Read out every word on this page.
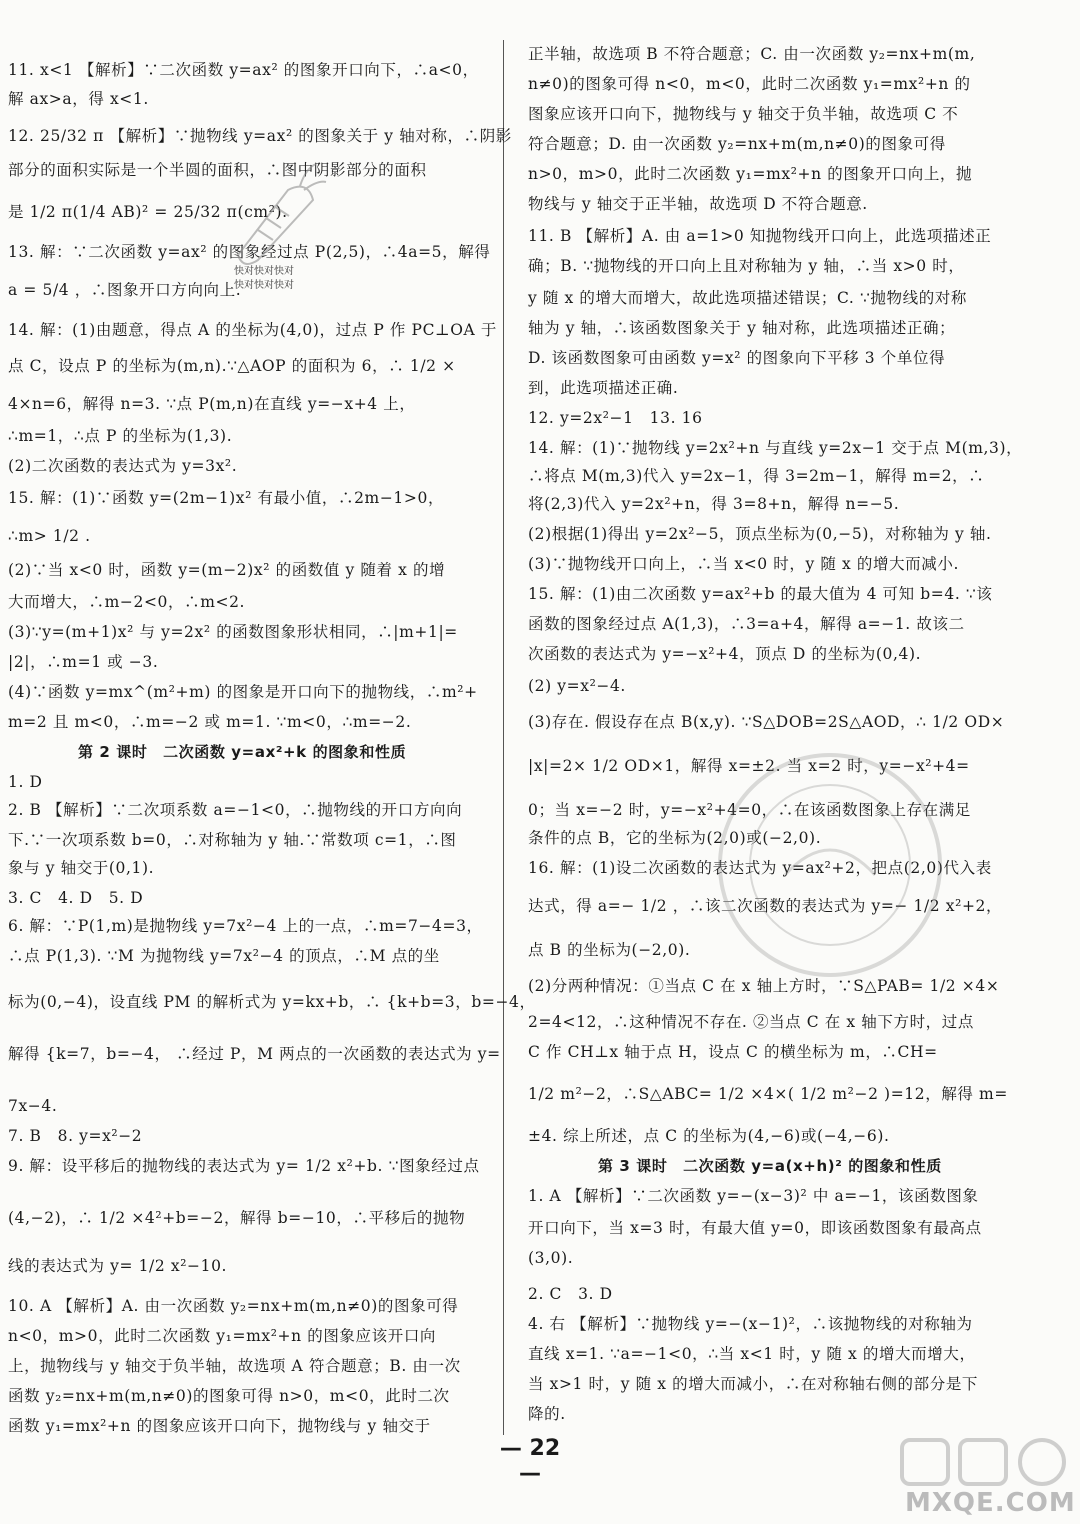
11. x<1 【解析】∵二次函数 y=ax² 的图象开口向下，∴a<0，
解 ax>a，得 x<1.
12. 25/32 π 【解析】∵抛物线 y=ax² 的图象关于 y 轴对称，∴阴影
部分的面积实际是一个半圆的面积，∴图中阴影部分的面积
是 1/2 π(1/4 AB)² = 25/32 π(cm²).
13. 解：∵二次函数 y=ax² 的图象经过点 P(2,5)，∴4a=5，解得
a = 5/4 ，∴图象开口方向向上.
14. 解：(1)由题意，得点 A 的坐标为(4,0)，过点 P 作 PC⊥OA 于
点 C，设点 P 的坐标为(m,n).∵△AOP 的面积为 6，∴ 1/2 ×
4×n=6，解得 n=3. ∵点 P(m,n)在直线 y=−x+4 上，
∴m=1，∴点 P 的坐标为(1,3).
(2)二次函数的表达式为 y=3x².
15. 解：(1)∵函数 y=(2m−1)x² 有最小值，∴2m−1>0，
∴m> 1/2 .
(2)∵当 x<0 时，函数 y=(m−2)x² 的函数值 y 随着 x 的增
大而增大，∴m−2<0，∴m<2.
(3)∵y=(m+1)x² 与 y=2x² 的函数图象形状相同，∴|m+1|=
|2|，∴m=1 或 −3.
(4)∵函数 y=mx^(m²+m) 的图象是开口向下的抛物线，∴m²+
m=2 且 m<0，∴m=−2 或 m=1. ∵m<0，∴m=−2.
第 2 课时　二次函数 y=ax²+k 的图象和性质
1. D
2. B 【解析】∵二次项系数 a=−1<0，∴抛物线的开口方向向
下.∵一次项系数 b=0，∴对称轴为 y 轴.∵常数项 c=1，∴图
象与 y 轴交于(0,1).
3. C　4. D　5. D
6. 解：∵P(1,m)是抛物线 y=7x²−4 上的一点，∴m=7−4=3，
∴点 P(1,3). ∵M 为抛物线 y=7x²−4 的顶点，∴M 点的坐
标为(0,−4)，设直线 PM 的解析式为 y=kx+b，∴ {k+b=3，b=−4，
解得 {k=7，b=−4， ∴经过 P，M 两点的一次函数的表达式为 y=
7x−4.
7. B　8. y=x²−2
9. 解：设平移后的抛物线的表达式为 y= 1/2 x²+b. ∵图象经过点
(4,−2)，∴ 1/2 ×4²+b=−2，解得 b=−10，∴平移后的抛物
线的表达式为 y= 1/2 x²−10.
10. A 【解析】A. 由一次函数 y₂=nx+m(m,n≠0)的图象可得
n<0，m>0，此时二次函数 y₁=mx²+n 的图象应该开口向
上，抛物线与 y 轴交于负半轴，故选项 A 符合题意；B. 由一次
函数 y₂=nx+m(m,n≠0)的图象可得 n>0，m<0，此时二次
函数 y₁=mx²+n 的图象应该开口向下，抛物线与 y 轴交于
正半轴，故选项 B 不符合题意；C. 由一次函数 y₂=nx+m(m,
n≠0)的图象可得 n<0，m<0，此时二次函数 y₁=mx²+n 的
图象应该开口向下，抛物线与 y 轴交于负半轴，故选项 C 不
符合题意；D. 由一次函数 y₂=nx+m(m,n≠0)的图象可得
n>0，m>0，此时二次函数 y₁=mx²+n 的图象开口向上，抛
物线与 y 轴交于正半轴，故选项 D 不符合题意.
11. B 【解析】A. 由 a=1>0 知抛物线开口向上，此选项描述正
确；B. ∵抛物线的开口向上且对称轴为 y 轴，∴当 x>0 时，
y 随 x 的增大而增大，故此选项描述错误；C. ∵抛物线的对称
轴为 y 轴，∴该函数图象关于 y 轴对称，此选项描述正确；
D. 该函数图象可由函数 y=x² 的图象向下平移 3 个单位得
到，此选项描述正确.
12. y=2x²−1　13. 16
14. 解：(1)∵抛物线 y=2x²+n 与直线 y=2x−1 交于点 M(m,3)，
∴将点 M(m,3)代入 y=2x−1，得 3=2m−1，解得 m=2，∴
将(2,3)代入 y=2x²+n，得 3=8+n，解得 n=−5.
(2)根据(1)得出 y=2x²−5，顶点坐标为(0,−5)，对称轴为 y 轴.
(3)∵抛物线开口向上，∴当 x<0 时，y 随 x 的增大而减小.
15. 解：(1)由二次函数 y=ax²+b 的最大值为 4 可知 b=4. ∵该
函数的图象经过点 A(1,3)，∴3=a+4，解得 a=−1. 故该二
次函数的表达式为 y=−x²+4，顶点 D 的坐标为(0,4).
(2) y=x²−4.
(3)存在. 假设存在点 B(x,y). ∵S△DOB=2S△AOD，∴ 1/2 OD×
|x|=2× 1/2 OD×1，解得 x=±2. 当 x=2 时，y=−x²+4=
0；当 x=−2 时，y=−x²+4=0，∴在该函数图象上存在满足
条件的点 B，它的坐标为(2,0)或(−2,0).
16. 解：(1)设二次函数的表达式为 y=ax²+2，把点(2,0)代入表
达式，得 a=− 1/2 ，∴该二次函数的表达式为 y=− 1/2 x²+2，
点 B 的坐标为(−2,0).
(2)分两种情况：①当点 C 在 x 轴上方时，∵S△PAB= 1/2 ×4×
2=4<12，∴这种情况不存在. ②当点 C 在 x 轴下方时，过点
C 作 CH⊥x 轴于点 H，设点 C 的横坐标为 m，∴CH=
1/2 m²−2，∴S△ABC= 1/2 ×4×( 1/2 m²−2 )=12，解得 m=
±4. 综上所述，点 C 的坐标为(4,−6)或(−4,−6).
第 3 课时　二次函数 y=a(x+h)² 的图象和性质
1. A 【解析】∵二次函数 y=−(x−3)² 中 a=−1，该函数图象
开口向下，当 x=3 时，有最大值 y=0，即该函数图象有最高点
(3,0).
2. C　3. D
4. 右 【解析】∵抛物线 y=−(x−1)²，∴该抛物线的对称轴为
直线 x=1. ∵a=−1<0，∴当 x<1 时，y 随 x 的增大而增大，
当 x>1 时，y 随 x 的增大而减小，∴在对称轴右侧的部分是下
降的.
快对快对快对
快对快对快对
— 22 —
MXQE.COM
